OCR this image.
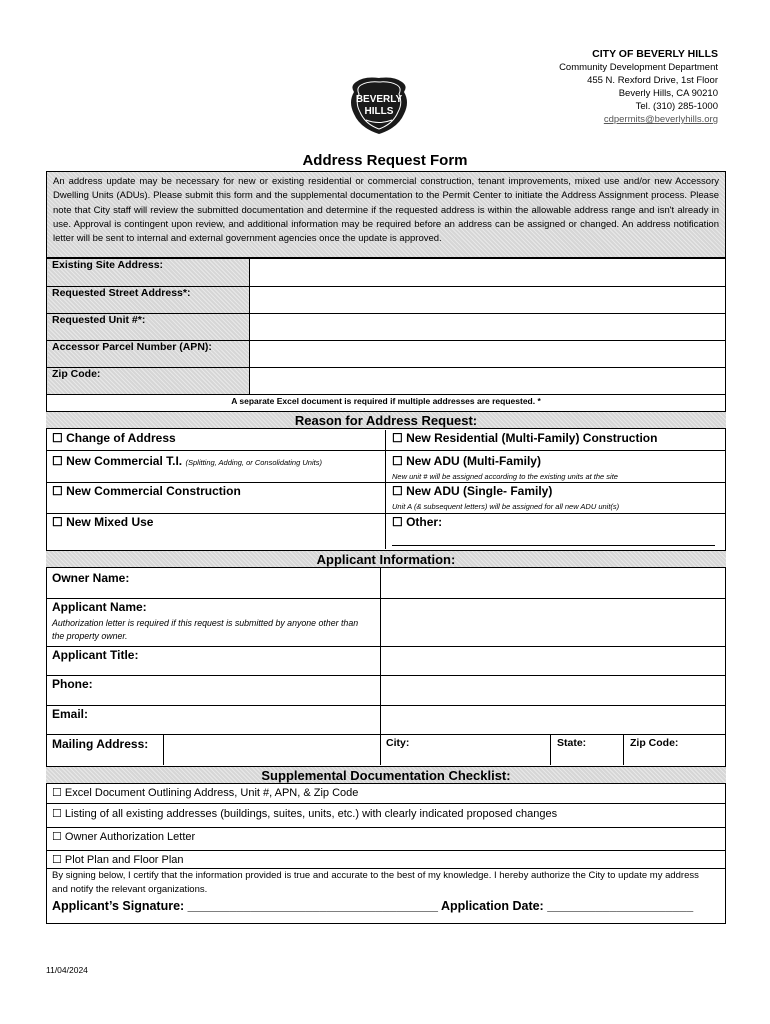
CITY OF BEVERLY HILLS
Community Development Department
455 N. Rexford Drive, 1st Floor
Beverly Hills, CA 90210
Tel. (310) 285-1000
cdpermits@beverlyhills.org
BEVERLY
HILLS
Address Request Form
An address update may be necessary for new or existing residential or commercial construction, tenant improvements, mixed use and/or new Accessory Dwelling Units (ADUs). Please submit this form and the supplemental documentation to the Permit Center to initiate the Address Assignment process. Please note that City staff will review the submitted documentation and determine if the requested address is within the allowable address range and isn't already in use. Approval is contingent upon review, and additional information may be required before an address can be assigned or changed. An address notification letter will be sent to internal and external government agencies once the update is approved.
Existing Site Address:	
Requested Street Address*:	
Requested Unit #*:	
Accessor Parcel Number (APN):	
Zip Code:	
A separate Excel document is required if multiple addresses are requested. *
Reason for Address Request:
☐ Change of Address	☐ New Residential (Multi-Family) Construction
☐ New Commercial T.I. (Splitting, Adding, or Consolidating Units)	☐ New ADU (Multi-Family)
New unit # will be assigned according to the existing units at the site
☐ New Commercial Construction	☐ New ADU (Single- Family)
Unit A (& subsequent letters) will be assigned for all new ADU unit(s)
☐ New Mixed Use	☐ Other:
Applicant Information:
Owner Name:
Applicant Name:
Authorization letter is required if this request is submitted by anyone other than the property owner.
Applicant Title:
Phone:
Email:
Mailing Address:	City:	State:	Zip Code:
Supplemental Documentation Checklist:
☐ Excel Document Outlining Address, Unit #, APN, & Zip Code
☐ Listing of all existing addresses (buildings, suites, units, etc.) with clearly indicated proposed changes
☐ Owner Authorization Letter
☐ Plot Plan and Floor Plan
By signing below, I certify that the information provided is true and accurate to the best of my knowledge. I hereby authorize the City to update my address and notify the relevant organizations.
Applicant’s Signature: ____________________________________ Application Date: _____________________
11/04/2024
